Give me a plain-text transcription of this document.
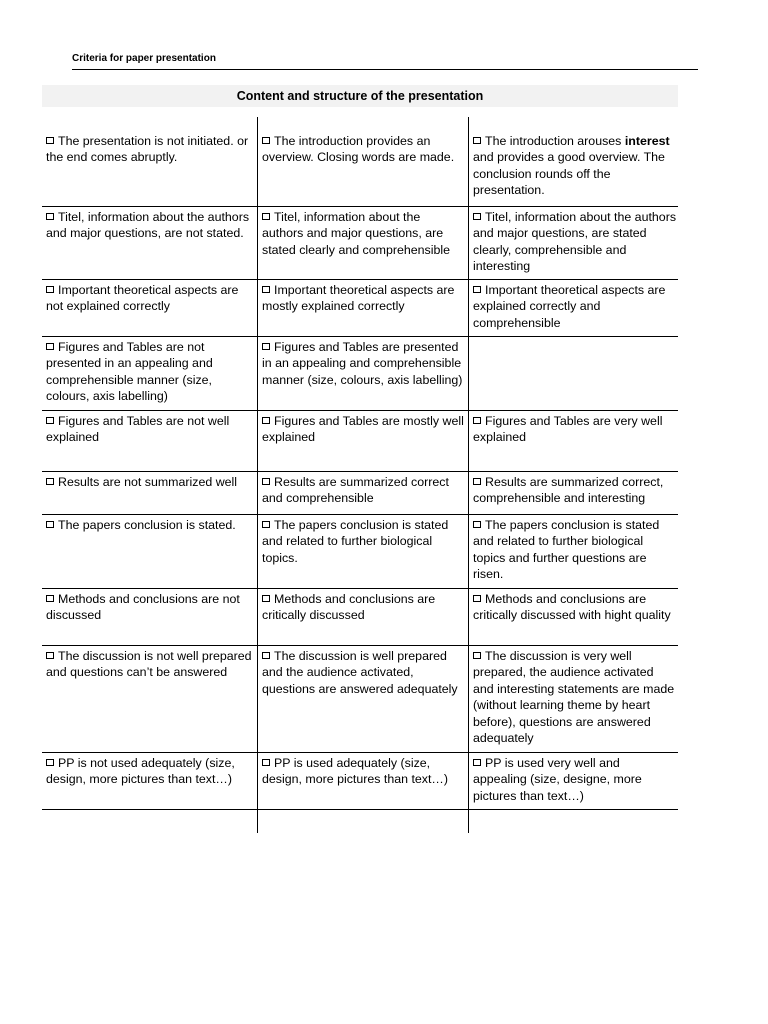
Criteria for paper presentation
Content and structure of the presentation
The presentation is not initiated. or the end comes abruptly.
The introduction provides an overview. Closing words are made.
The introduction arouses interest and provides a good overview. The conclusion rounds off the presentation.
Titel, information about the authors and major questions, are not stated.
Titel, information about the authors and major questions, are stated clearly and comprehensible
Titel, information about the authors and major questions, are stated clearly, comprehensible and interesting
Important theoretical aspects are not explained correctly
Important theoretical aspects are mostly explained correctly
Important theoretical aspects are explained correctly and comprehensible
Figures and Tables are not presented in an appealing and comprehensible manner (size, colours, axis labelling)
Figures and Tables are presented in an appealing and comprehensible manner (size, colours, axis labelling)
Figures and Tables are not well explained
Figures and Tables are mostly well explained
Figures and Tables are very well explained
Results are not summarized well	Results are summarized correct and comprehensible
Results are summarized correct, comprehensible and interesting
The papers conclusion is stated.	The papers conclusion is stated and related to further biological topics.
The papers conclusion is stated and related to further biological topics and further questions are risen.
Methods and conclusions are not discussed
Methods and conclusions are critically discussed
Methods and conclusions are critically discussed with hight quality
The discussion is not well prepared and questions can’t be answered
The discussion is well prepared and the audience activated, questions are answered adequately
The discussion is very well prepared, the audience activated and interesting statements are made (without learning theme by heart before), questions are answered adequately
PP is not used adequately (size, design, more pictures than text…)
PP is used adequately (size, design, more pictures than text…)
PP is used very well and appealing (size, designe, more pictures than text…)
